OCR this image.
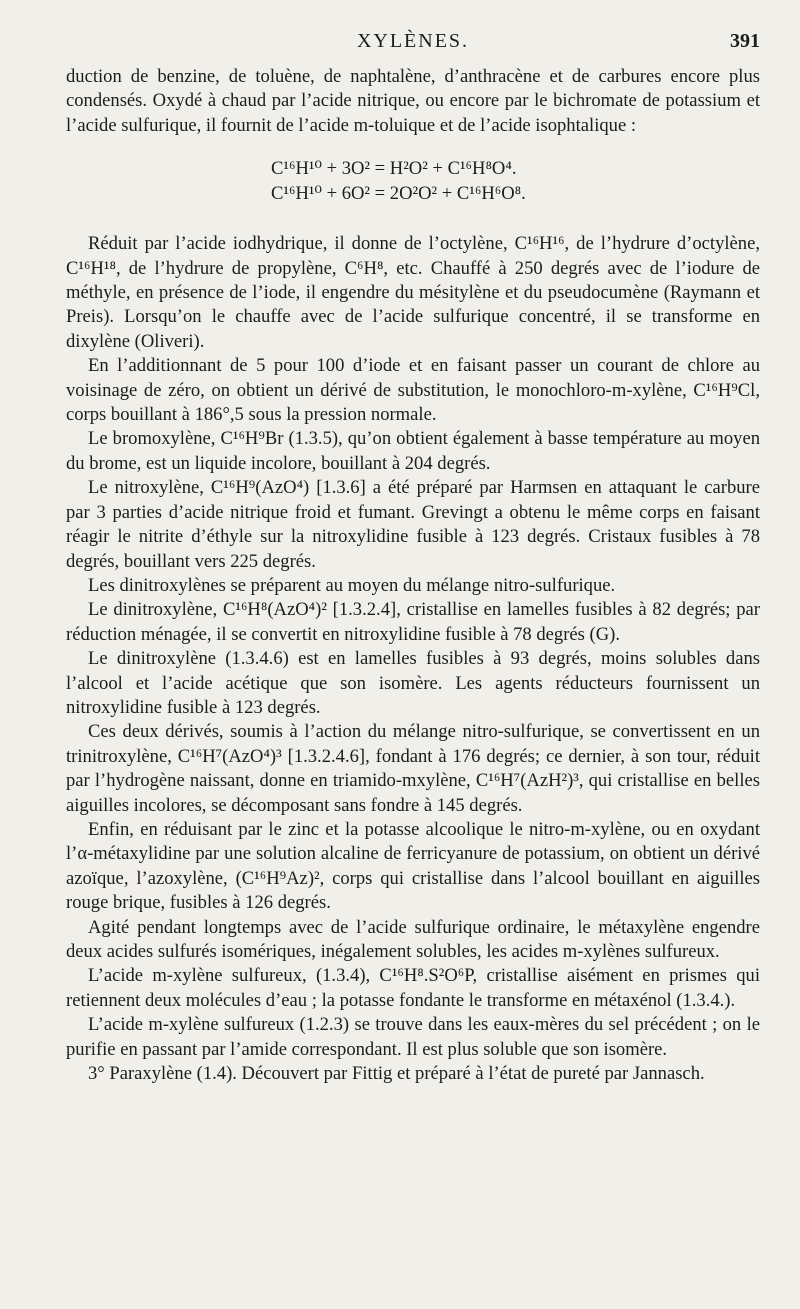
XYLÈNES.	391

duction de benzine, de toluène, de naphtalène, d’anthracène et de carbures encore plus condensés. Oxydé à chaud par l’acide nitrique, ou encore par le bichromate de potassium et l’acide sulfurique, il fournit de l’acide m-toluique et de l’acide isophtalique :

C¹⁶H¹⁰ + 3O² = H²O² + C¹⁶H⁸O⁴.
C¹⁶H¹⁰ + 6O² = 2O²O² + C¹⁶H⁶O⁸.

Réduit par l’acide iodhydrique, il donne de l’octylène, C¹⁶H¹⁶, de l’hydrure d’octylène, C¹⁶H¹⁸, de l’hydrure de propylène, C⁶H⁸, etc. Chauffé à 250 degrés avec de l’iodure de méthyle, en présence de l’iode, il engendre du mésitylène et du pseudocumène (Raymann et Preis). Lorsqu’on le chauffe avec de l’acide sulfurique concentré, il se transforme en dixylène (Oliveri).

En l’additionnant de 5 pour 100 d’iode et en faisant passer un courant de chlore au voisinage de zéro, on obtient un dérivé de substitution, le monochloro-m-xylène, C¹⁶H⁹Cl, corps bouillant à 186°,5 sous la pression normale.

Le bromoxylène, C¹⁶H⁹Br (1.3.5), qu’on obtient également à basse température au moyen du brome, est un liquide incolore, bouillant à 204 degrés.

Le nitroxylène, C¹⁶H⁹(AzO⁴) [1.3.6] a été préparé par Harmsen en attaquant le carbure par 3 parties d’acide nitrique froid et fumant. Grevingt a obtenu le même corps en faisant réagir le nitrite d’éthyle sur la nitroxylidine fusible à 123 degrés. Cristaux fusibles à 78 degrés, bouillant vers 225 degrés.

Les dinitroxylènes se préparent au moyen du mélange nitro-sulfurique.

Le dinitroxylène, C¹⁶H⁸(AzO⁴)² [1.3.2.4], cristallise en lamelles fusibles à 82 degrés; par réduction ménagée, il se convertit en nitroxylidine fusible à 78 degrés (G).

Le dinitroxylène (1.3.4.6) est en lamelles fusibles à 93 degrés, moins solubles dans l’alcool et l’acide acétique que son isomère. Les agents réducteurs fournissent un nitroxylidine fusible à 123 degrés.

Ces deux dérivés, soumis à l’action du mélange nitro-sulfurique, se convertissent en un trinitroxylène, C¹⁶H⁷(AzO⁴)³ [1.3.2.4.6], fondant à 176 degrés; ce dernier, à son tour, réduit par l’hydrogène naissant, donne en triamido-mxylène, C¹⁶H⁷(AzH²)³, qui cristallise en belles aiguilles incolores, se décomposant sans fondre à 145 degrés.

Enfin, en réduisant par le zinc et la potasse alcoolique le nitro-m-xylène, ou en oxydant l’α-métaxylidine par une solution alcaline de ferricyanure de potassium, on obtient un dérivé azoïque, l’azoxylène, (C¹⁶H⁹Az)², corps qui cristallise dans l’alcool bouillant en aiguilles rouge brique, fusibles à 126 degrés.

Agité pendant longtemps avec de l’acide sulfurique ordinaire, le métaxylène engendre deux acides sulfurés isomériques, inégalement solubles, les acides m-xylènes sulfureux.

L’acide m-xylène sulfureux, (1.3.4), C¹⁶H⁸.S²O⁶P, cristallise aisément en prismes qui retiennent deux molécules d’eau ; la potasse fondante le transforme en métaxénol (1.3.4.).

L’acide m-xylène sulfureux (1.2.3) se trouve dans les eaux-mères du sel précédent ; on le purifie en passant par l’amide correspondant. Il est plus soluble que son isomère.

3° Paraxylène (1.4). Découvert par Fittig et préparé à l’état de pureté par Jannasch.
